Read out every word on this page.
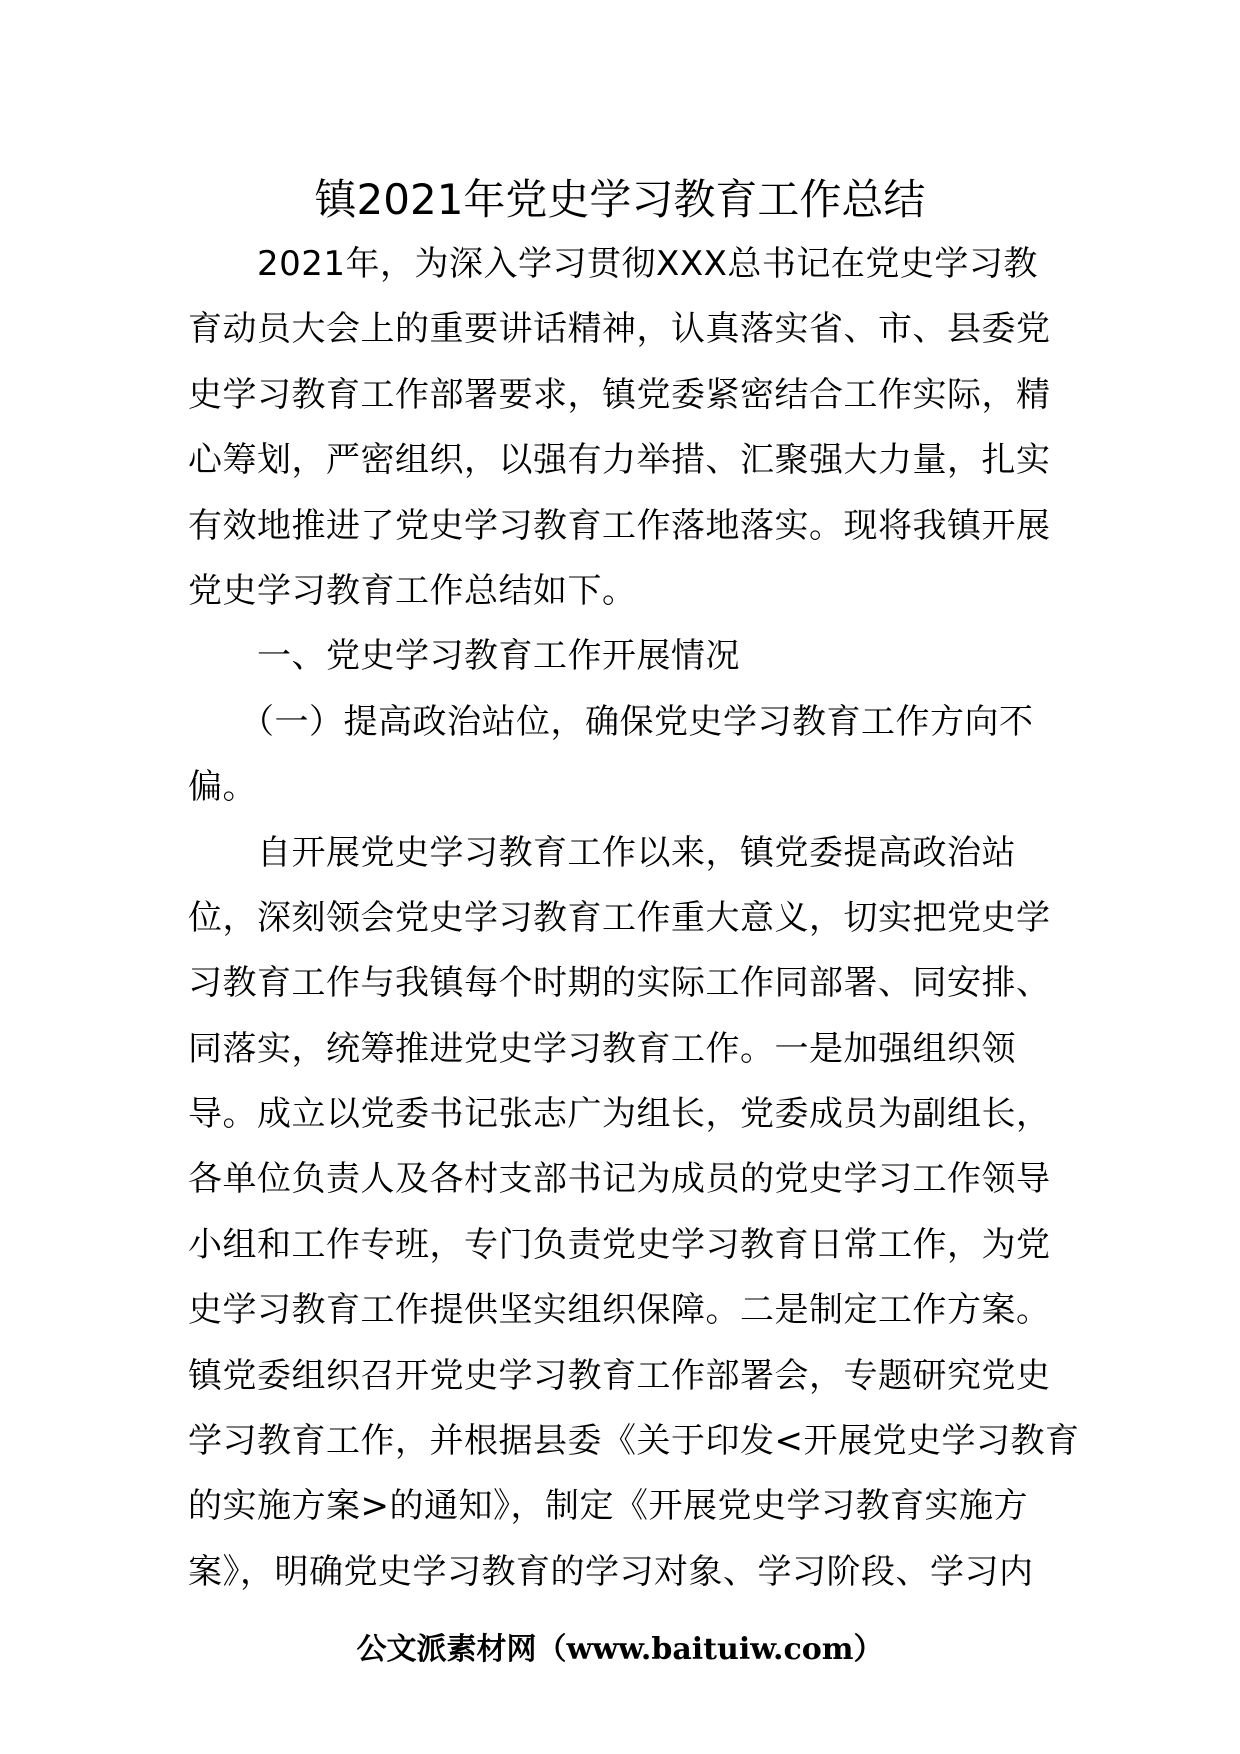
镇2021年党史学习教育工作总结
　　2021年，为深入学习贯彻XXX总书记在党史学习教
育动员大会上的重要讲话精神，认真落实省、市、县委党
史学习教育工作部署要求，镇党委紧密结合工作实际，精
心筹划，严密组织，以强有力举措、汇聚强大力量，扎实
有效地推进了党史学习教育工作落地落实。现将我镇开展
党史学习教育工作总结如下。
　　一、党史学习教育工作开展情况
　　（一）提高政治站位，确保党史学习教育工作方向不
偏。
　　自开展党史学习教育工作以来，镇党委提高政治站
位，深刻领会党史学习教育工作重大意义，切实把党史学
习教育工作与我镇每个时期的实际工作同部署、同安排、
同落实，统筹推进党史学习教育工作。一是加强组织领
导。成立以党委书记张志广为组长，党委成员为副组长，
各单位负责人及各村支部书记为成员的党史学习工作领导
小组和工作专班，专门负责党史学习教育日常工作，为党
史学习教育工作提供坚实组织保障。二是制定工作方案。
镇党委组织召开党史学习教育工作部署会，专题研究党史
学习教育工作，并根据县委《关于印发<开展党史学习教育
的实施方案>的通知》，制定《开展党史学习教育实施方
案》，明确党史学习教育的学习对象、学习阶段、学习内
公文派素材网（www.baituiw.com）
